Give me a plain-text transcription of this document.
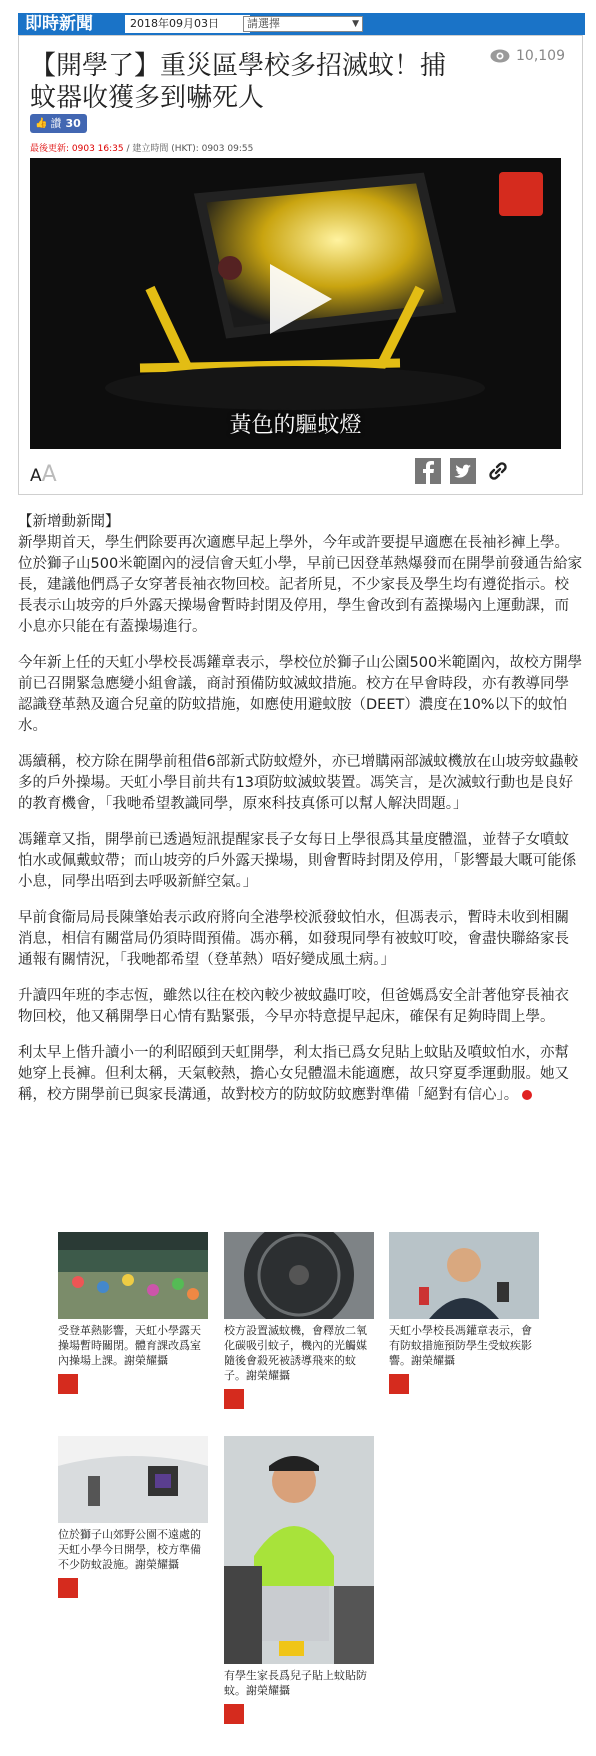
即時新聞	2018年09月03日	請選擇	▼
10,109
【開學了】重災區學校多招滅蚊！捕蚊器收獲多到嚇死人
👍 讚 30
最後更新: 0903 16:35 / 建立時間 (HKT): 0903 09:55
黃色的驅蚊燈
AA

【新增動新聞】
新學期首天，學生們除要再次適應早起上學外，今年或許要提早適應在長袖衫褲上學。位於獅子山500米範圍內的浸信會天虹小學，早前已因登革熱爆發而在開學前發通告給家長，建議他們爲子女穿著長袖衣物回校。記者所見，不少家長及學生均有遵從指示。校長表示山坡旁的戶外露天操場會暫時封閉及停用，學生會改到有蓋操場內上運動課，而小息亦只能在有蓋操場進行。

今年新上任的天虹小學校長馮鑵章表示，學校位於獅子山公園500米範圍內，故校方開學前已召開緊急應變小組會議，商討預備防蚊滅蚊措施。校方在早會時段，亦有教導同學認識登革熱及適合兒童的防蚊措施，如應使用避蚊胺（DEET）濃度在10%以下的蚊怕水。

馮續稱，校方除在開學前租借6部新式防蚊燈外，亦已增購兩部滅蚊機放在山坡旁蚊蟲較多的戶外操場。天虹小學目前共有13項防蚊滅蚊裝置。馮笑言，是次滅蚊行動也是良好的教育機會，「我哋希望教識同學，原來科技真係可以幫人解決問題。」

馮鑵章又指，開學前已透過短訊提醒家長子女每日上學很爲其量度體溫，並替子女噴蚊怕水或佩戴蚊帶；而山坡旁的戶外露天操場，則會暫時封閉及停用，「影響最大嘅可能係小息，同學出唔到去呼吸新鮮空氣。」

早前食衞局局長陳肇始表示政府將向全港學校派發蚊怕水，但馮表示，暫時未收到相關消息，相信有關當局仍須時間預備。馮亦稱，如發現同學有被蚊叮咬，會盡快聯絡家長通報有關情況，「我哋都希望（登革熱）唔好變成風土病。」

升讀四年班的李志恆，雖然以往在校內較少被蚊蟲叮咬，但爸媽爲安全計著他穿長袖衣物回校，他又稱開學日心情有點緊張，今早亦特意提早起床，確保有足夠時間上學。

利太早上偕升讀小一的利昭頤到天虹開學，利太指已爲女兒貼上蚊貼及噴蚊怕水，亦幫她穿上長褲。但利太稱，天氣較熱，擔心女兒體溫未能適應，故只穿夏季運動服。她又稱，校方開學前已與家長溝通，故對校方的防蚊防蚊應對準備「絕對有信心」。

受登革熱影響，天虹小學露天操場暫時關閉。體育課改爲室內操場上課。謝榮耀攝
校方設置滅蚊機，會釋放二氧化碳吸引蚊子，機內的光觸媒隨後會殺死被誘導飛來的蚊子。謝榮耀攝
天虹小學校長馮鑵章表示，會有防蚊措施預防學生受蚊疾影響。謝榮耀攝
位於獅子山郊野公園不遠處的天虹小學今日開學，校方準備不少防蚊設施。謝榮耀攝
有學生家長爲兒子貼上蚊貼防蚊。謝榮耀攝
